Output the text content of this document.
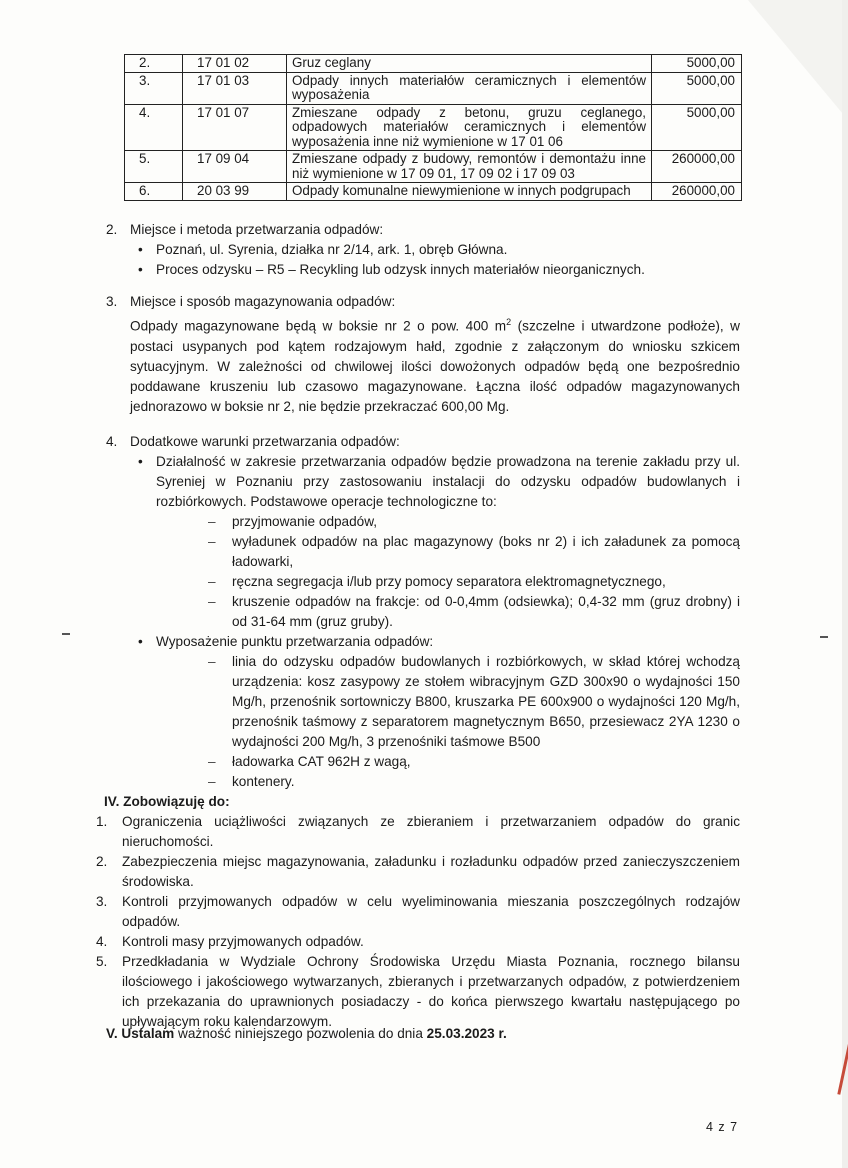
2.	17 01 02	Gruz ceglany	5000,00
3.	17 01 03	Odpady innych materiałów ceramicznych i elementów wyposażenia	5000,00
4.	17 01 07	Zmieszane odpady z betonu, gruzu ceglanego, odpadowych materiałów ceramicznych i elementów wyposażenia inne niż wymienione w 17 01 06	5000,00
5.	17 09 04	Zmieszane odpady z budowy, remontów i demontażu inne niż wymienione w 17 09 01, 17 09 02 i 17 09 03	260000,00
6.	20 03 99	Odpady komunalne niewymienione w innych podgrupach	260000,00
2. Miejsce i metoda przetwarzania odpadów:
• Poznań, ul. Syrenia, działka nr 2/14, ark. 1, obręb Główna.
• Proces odzysku – R5 – Recykling lub odzysk innych materiałów nieorganicznych.
3. Miejsce i sposób magazynowania odpadów:
Odpady magazynowane będą w boksie nr 2 o pow. 400 $m^2$ (szczelne i utwardzone podłoże), w postaci usypanych pod kątem rodzajowym hałd, zgodnie z załączonym do wniosku szkicem sytuacyjnym. W zależności od chwilowej ilości dowożonych odpadów będą one bezpośrednio poddawane kruszeniu lub czasowo magazynowane. Łączna ilość odpadów magazynowanych jednorazowo w boksie nr 2, nie będzie przekraczać 600,00 Mg.
4. Dodatkowe warunki przetwarzania odpadów:
• Działalność w zakresie przetwarzania odpadów będzie prowadzona na terenie zakładu przy ul. Syreniej w Poznaniu przy zastosowaniu instalacji do odzysku odpadów budowlanych i rozbiórkowych. Podstawowe operacje technologiczne to:
– przyjmowanie odpadów,
– wyładunek odpadów na plac magazynowy (boks nr 2) i ich załadunek za pomocą ładowarki,
– ręczna segregacja i/lub przy pomocy separatora elektromagnetycznego,
– kruszenie odpadów na frakcje: od 0-0,4mm (odsiewka); 0,4-32 mm (gruz drobny) i od 31-64 mm (gruz gruby).
• Wyposażenie punktu przetwarzania odpadów:
– linia do odzysku odpadów budowlanych i rozbiórkowych, w skład której wchodzą urządzenia: kosz zasypowy ze stołem wibracyjnym GZD 300x90 o wydajności 150 Mg/h, przenośnik sortowniczy B800, kruszarka PE 600x900 o wydajności 120 Mg/h, przenośnik taśmowy z separatorem magnetycznym B650, przesiewacz 2YA 1230 o wydajności 200 Mg/h, 3 przenośniki taśmowe B500
– ładowarka CAT 962H z wagą,
– kontenery.
IV. Zobowiązuję do:
1. Ograniczenia uciążliwości związanych ze zbieraniem i przetwarzaniem odpadów do granic nieruchomości.
2. Zabezpieczenia miejsc magazynowania, załadunku i rozładunku odpadów przed zanieczyszczeniem środowiska.
3. Kontroli przyjmowanych odpadów w celu wyeliminowania mieszania poszczególnych rodzajów odpadów.
4. Kontroli masy przyjmowanych odpadów.
5. Przedkładania w Wydziale Ochrony Środowiska Urzędu Miasta Poznania, rocznego bilansu ilościowego i jakościowego wytwarzanych, zbieranych i przetwarzanych odpadów, z potwierdzeniem ich przekazania do uprawnionych posiadaczy - do końca pierwszego kwartału następującego po upływającym roku kalendarzowym.
V. Ustalam ważność niniejszego pozwolenia do dnia 25.03.2023 r.
4 z 7
